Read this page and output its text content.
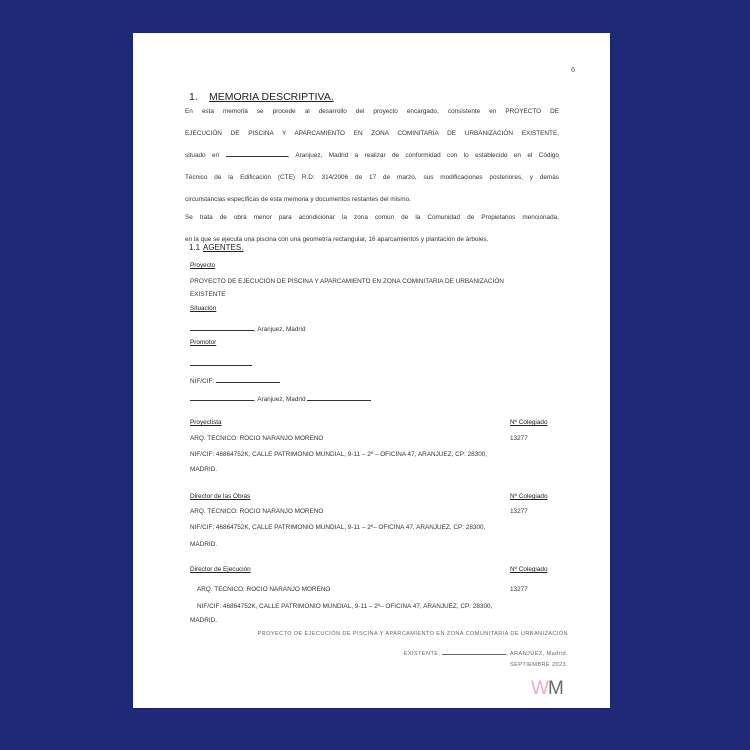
6
1. MEMORIA DESCRIPTIVA.
En esta memoria se procede al desarrollo del proyecto encargado, consistente en PROYECTO DE
EJECUCIÓN DE PISCINA Y APARCAMIENTO EN ZONA COMINITARIA DE URBANIZACIÓN EXISTENTE,
situado en	, Aranjuez, Madrid a realizar de conformidad con lo establecido en el Código
Técnico de la Edificación (CTE) R.D: 314/2006 de 17 de marzo, sus modificaciones posteriores, y demás
circunstancias específicas de esta memoria y documentos restantes del mismo.
Se trata de obra menor para acondicionar la zona común de la Comunidad de Propietarios mencionada,
en la que se ejecuta una piscina con una geometría rectangular, 16 aparcamientos y plantación de árboles.
1.1 AGENTES.
Proyecto
PROYECTO DE EJECUCIÓN DE PISCINA Y APARCAMIENTO EN ZONA COMINITARIA DE URBANIZACIÓN
EXISTENTE
Situación
, Aranjuez, Madrid
Promotor
NIF/CIF:
, Aranjuez, Madrid
Proyectista	Nº Colegiado
ARQ. TECNICO: ROCIO NARANJO MORENO	13277
NIF/CIF: 46864752K, CALLE PATRIMONIO MUNDIAL, 9-11 – 2º – OFICINA 47, ARANJUEZ, CP: 28300,
MADRID.
Director de las Obras	Nº Colegiado
ARQ. TECNICO: ROCIO NARANJO MORENO	13277
NIF/CIF: 46864752K, CALLE PATRIMONIO MUNDIAL, 9-11 – 2º– OFICINA 47, ARANJUEZ, CP: 28300,
MADRID.
Director de Ejecución	Nº Colegiado
ARQ. TECNICO: ROCIO NARANJO MORENO	13277
NIF/CIF: 46864752K, CALLE PATRIMONIO MUNDIAL, 9-11 – 2º– OFICINA 47, ARANJUEZ, CP: 28300,
MADRID.
PROYECTO DE EJECUCIÓN DE PISCINA Y APARCAMIENTO EN ZONA COMUNITARIA DE URBANIZACIÓN
EXISTENTE,	, ARANJUEZ, Madrid.
SEPTIEMBRE 2023.
WM
